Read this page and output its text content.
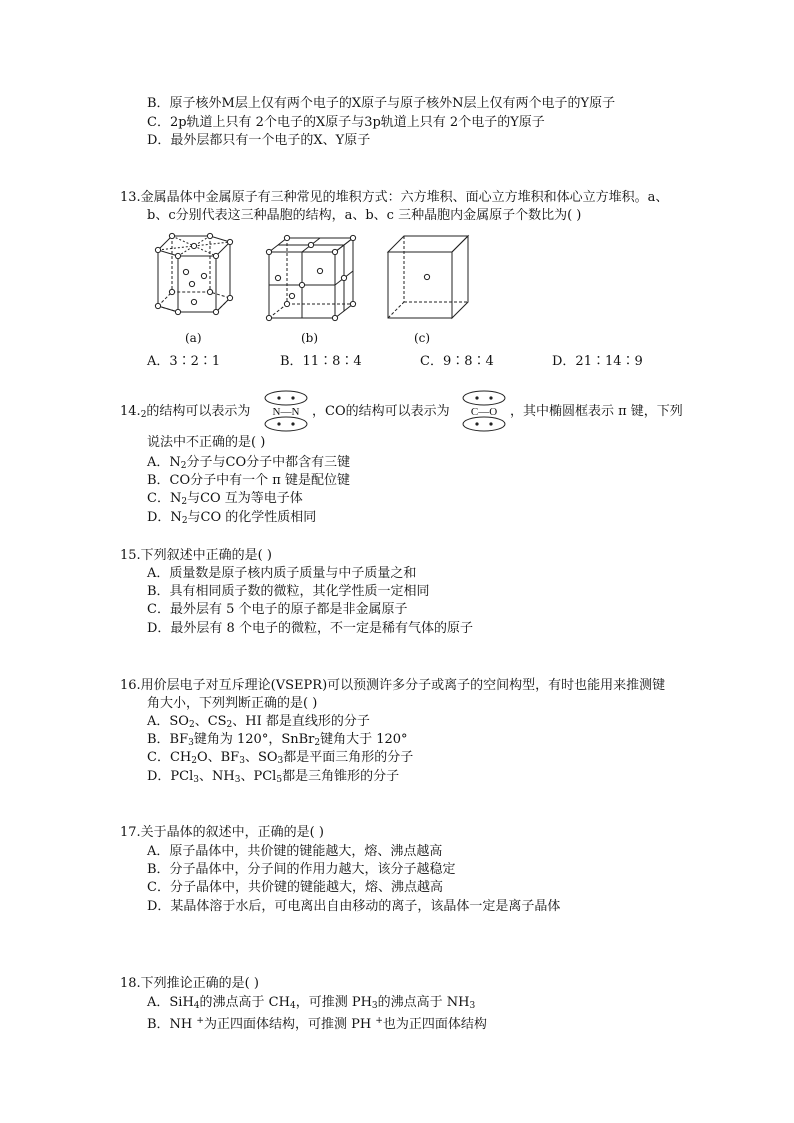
B．原子核外M层上仅有两个电子的X原子与原子核外N层上仅有两个电子的Y原子
C．2p轨道上只有 2个电子的X原子与3p轨道上只有 2个电子的Y原子
D．最外层都只有一个电子的X、Y原子
13.金属晶体中金属原子有三种常见的堆积方式：六方堆积、面心立方堆积和体心立方堆积。a、
b、c分别代表这三种晶胞的结构，a、b、c 三种晶胞内金属原子个数比为( )
(a)	(b)	(c)
A．3∶2∶1	B．11∶8∶4	C．9∶8∶4	D．21∶14∶9
$14._2$的结构可以表示为 N—N ，CO的结构可以表示为 C—O ，其中椭圆框表示 π 键，下列
说法中不正确的是( )
A．$N_2$分子与CO分子中都含有三键
B．CO分子中有一个 π 键是配位键
C．$N_2$与CO 互为等电子体
D．$N_2$与CO 的化学性质相同
15.下列叙述中正确的是( )
A．质量数是原子核内质子质量与中子质量之和
B．具有相同质子数的微粒，其化学性质一定相同
C．最外层有 5 个电子的原子都是非金属原子
D．最外层有 8 个电子的微粒，不一定是稀有气体的原子
16.用价层电子对互斥理论(VSEPR)可以预测许多分子或离子的空间构型，有时也能用来推测键
角大小，下列判断正确的是( )
A．$SO_2$、$CS_2$、HI 都是直线形的分子
B．$BF_3$键角为 120°，SnBr$_2$键角大于 120°
C．$CH_2O$、$BF_3$、$SO_3$都是平面三角形的分子
D．PCl$_3$、$NH_3$、PCl$_5$都是三角锥形的分子
17.关于晶体的叙述中，正确的是( )
A．原子晶体中，共价键的键能越大，熔、沸点越高
B．分子晶体中，分子间的作用力越大，该分子越稳定
C．分子晶体中，共价键的键能越大，熔、沸点越高
D．某晶体溶于水后，可电离出自由移动的离子，该晶体一定是离子晶体
18.下列推论正确的是( )
A．SiH$_4$的沸点高于 $CH_4$，可推测 $PH_3$的沸点高于 $NH_3$
B．NH +为正四面体结构，可推测 PH +也为正四面体结构
